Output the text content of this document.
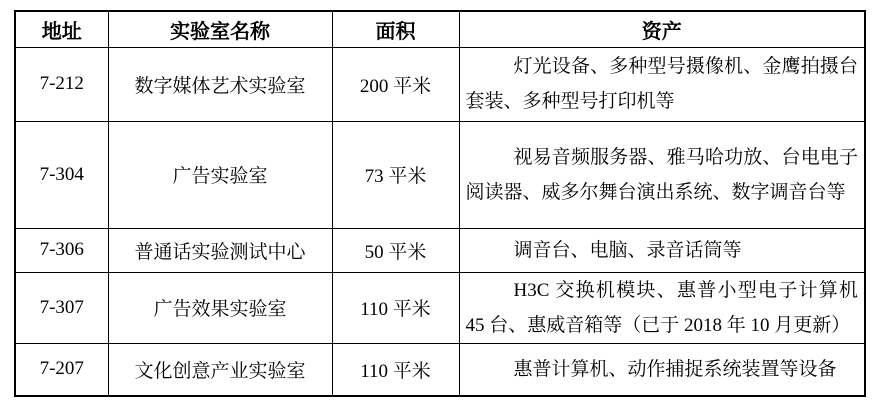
地址	实验室名称	面积	资产
7-212	数字媒体艺术实验室	200 平米	灯光设备、多种型号摄像机、金鹰拍摄台套装、多种型号打印机等

7-304	广告实验室	73 平米	视易音频服务器、雅马哈功放、台电电子阅读器、威多尔舞台演出系统、数字调音台等

7-306	普通话实验测试中心	50 平米	调音台、电脑、录音话筒等

7-307	广告效果实验室	110 平米	H3C 交换机模块、惠普小型电子计算机 45 台、惠威音箱等（已于 2018 年 10 月更新）

7-207	文化创意产业实验室	110 平米	惠普计算机、动作捕捉系统装置等设备
